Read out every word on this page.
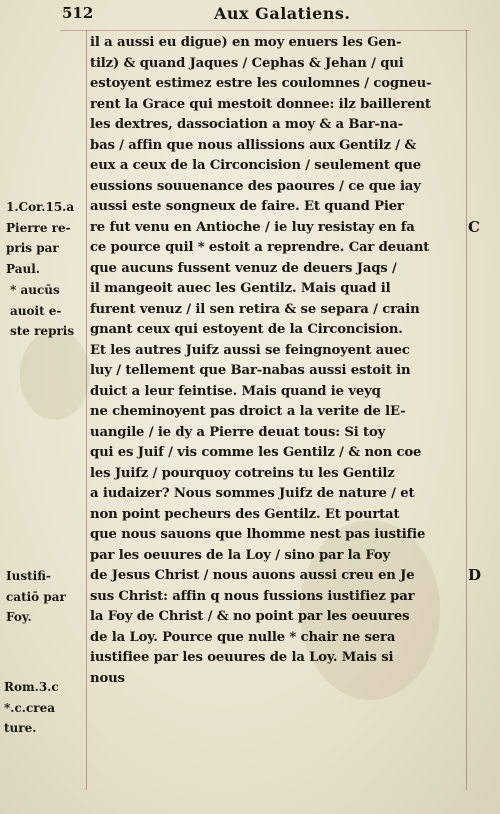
512	Aux Galatiens.
il a aussi eu digue) en moy enuers les Gen-
tilz) & quand Jaques / Cephas & Jehan / qui
estoyent estimez estre les coulomnes / cogneu-
rent la Grace qui mestoit donnee: ilz baillerent
les dextres, dassociation a moy & a Bar-na-
bas / affin que nous allissions aux Gentilz / &
eux a ceux de la Circoncision / seulement que
eussions souuenance des paoures / ce que iay
aussi este songneux de faire. Et quand Pier
re fut venu en Antioche / ie luy resistay en fa
ce pource quil * estoit a reprendre. Car deuant
que aucuns fussent venuz de deuers Jaqs /
il mangeoit auec les Gentilz. Mais quad il
furent venuz / il sen retira & se separa / crain
gnant ceux qui estoyent de la Circoncision.
Et les autres Juifz aussi se feingnoyent auec
luy / tellement que Bar-nabas aussi estoit in
duict a leur feintise. Mais quand ie veyq
ne cheminoyent pas droict a la verite de lE-
uangile / ie dy a Pierre deuat tous: Si toy
qui es Juif / vis comme les Gentilz / & non coe
les Juifz / pourquoy cotreins tu les Gentilz
a iudaizer? Nous sommes Juifz de nature / et
non point pecheurs des Gentilz. Et pourtat
que nous sauons que lhomme nest pas iustifie
par les oeuures de la Loy / sino par la Foy
de Jesus Christ / nous auons aussi creu en Je
sus Christ: affin q nous fussions iustifiez par
la Foy de Christ / & no point par les oeuures
de la Loy. Pource que nulle * chair ne sera
iustifiee par les oeuures de la Loy. Mais si
nous
1.Cor.15.a
Pierre re-
pris par
Paul.
* aucūs
auoit e-
ste repris
Iustifi-
catiō par
Foy.
Rom.3.c
*.c.crea
ture.
C
D
